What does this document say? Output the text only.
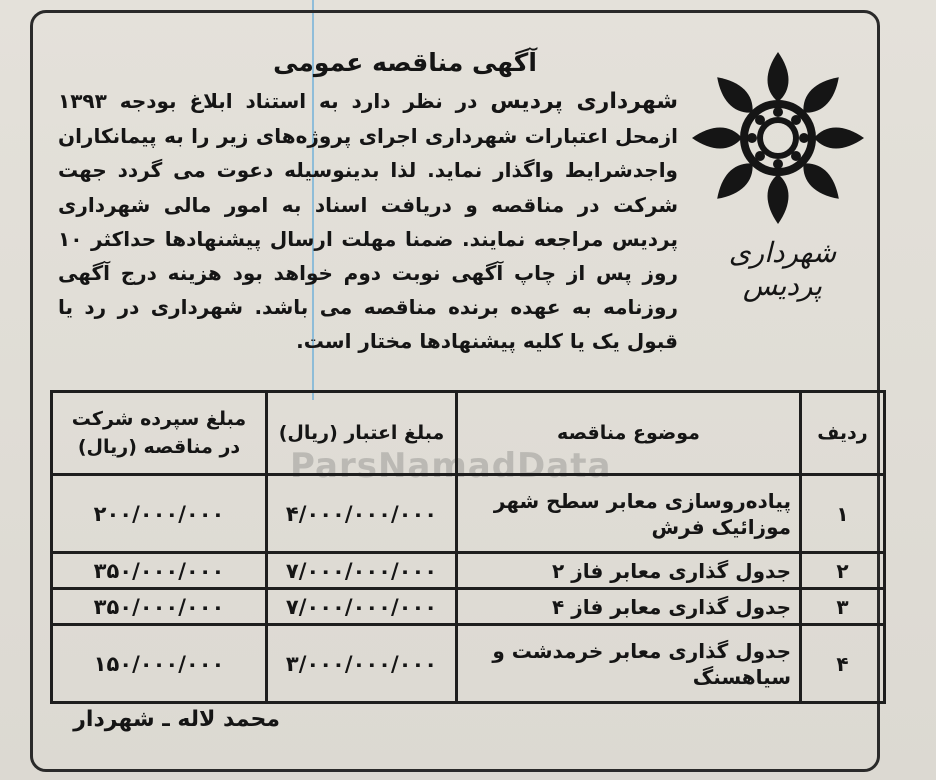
آگهی مناقصه عمومی
شهرداری پردیس در نظر دارد به استناد ابلاغ بودجه ۱۳۹۳ ازمحل اعتبارات شهرداری اجرای پروژه‌های زیر را به پیمانکاران واجدشرایط واگذار نماید. لذا بدینوسیله دعوت می گردد جهت شرکت در مناقصه و دریافت اسناد به امور مالی شهرداری پردیس مراجعه نمایند. ضمنا مهلت ارسال پیشنهادها حداکثر ۱۰ روز پس از چاپ آگهی نوبت دوم خواهد بود هزینه درج آگهی روزنامه به عهده برنده مناقصه می باشد. شهرداری در رد یا قبول یک یا کلیه پیشنهادها مختار است.
شهرداری پردیس
ParsNamadData
ردیف	موضوع مناقصه	مبلغ اعتبار (ریال)	مبلغ سپرده شرکت در مناقصه (ریال)
۱	پیاده‌روسازی معابر سطح شهر موزائیک فرش	۴/۰۰۰/۰۰۰/۰۰۰	۲۰۰/۰۰۰/۰۰۰
۲	جدول گذاری معابر فاز ۲	۷/۰۰۰/۰۰۰/۰۰۰	۳۵۰/۰۰۰/۰۰۰
۳	جدول گذاری معابر فاز ۴	۷/۰۰۰/۰۰۰/۰۰۰	۳۵۰/۰۰۰/۰۰۰
۴	جدول گذاری معابر خرمدشت و سیاهسنگ	۳/۰۰۰/۰۰۰/۰۰۰	۱۵۰/۰۰۰/۰۰۰
محمد لاله ـ شهردار
